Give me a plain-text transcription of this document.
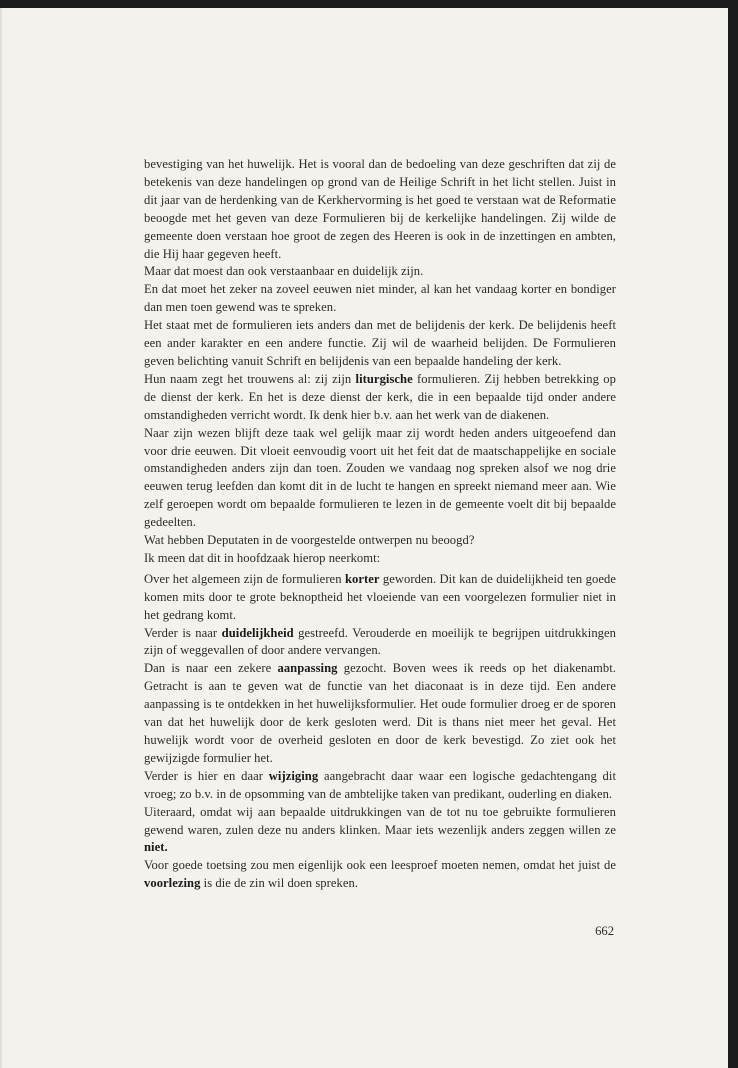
bevestiging van het huwelijk. Het is vooral dan de bedoeling van deze geschriften dat zij de betekenis van deze handelingen op grond van de Heilige Schrift in het licht stellen. Juist in dit jaar van de herdenking van de Kerkhervorming is het goed te verstaan wat de Reformatie beoogde met het geven van deze Formulieren bij de kerkelijke handelingen. Zij wilde de gemeente doen verstaan hoe groot de zegen des Heeren is ook in de inzettingen en ambten, die Hij haar gegeven heeft.

Maar dat moest dan ook verstaanbaar en duidelijk zijn.

En dat moet het zeker na zoveel eeuwen niet minder, al kan het vandaag korter en bondiger dan men toen gewend was te spreken.

Het staat met de formulieren iets anders dan met de belijdenis der kerk. De belijdenis heeft een ander karakter en een andere functie. Zij wil de waarheid belijden. De Formulieren geven belichting vanuit Schrift en belijdenis van een bepaalde handeling der kerk.

Hun naam zegt het trouwens al: zij zijn liturgische formulieren. Zij hebben betrekking op de dienst der kerk. En het is deze dienst der kerk, die in een bepaalde tijd onder andere omstandigheden verricht wordt. Ik denk hier b.v. aan het werk van de diakenen.

Naar zijn wezen blijft deze taak wel gelijk maar zij wordt heden anders uitgeoefend dan voor drie eeuwen. Dit vloeit eenvoudig voort uit het feit dat de maatschappelijke en sociale omstandigheden anders zijn dan toen. Zouden we vandaag nog spreken alsof we nog drie eeuwen terug leefden dan komt dit in de lucht te hangen en spreekt niemand meer aan. Wie zelf geroepen wordt om bepaalde formulieren te lezen in de gemeente voelt dit bij bepaalde gedeelten.

Wat hebben Deputaten in de voorgestelde ontwerpen nu beoogd?

Ik meen dat dit in hoofdzaak hierop neerkomt:

Over het algemeen zijn de formulieren korter geworden. Dit kan de duidelijkheid ten goede komen mits door te grote beknoptheid het vloeiende van een voorgelezen formulier niet in het gedrang komt.

Verder is naar duidelijkheid gestreefd. Verouderde en moeilijk te begrijpen uitdrukkingen zijn of weggevallen of door andere vervangen.

Dan is naar een zekere aanpassing gezocht. Boven wees ik reeds op het diakenambt. Getracht is aan te geven wat de functie van het diaconaat is in deze tijd. Een andere aanpassing is te ontdekken in het huwelijksformulier. Het oude formulier droeg er de sporen van dat het huwelijk door de kerk gesloten werd. Dit is thans niet meer het geval. Het huwelijk wordt voor de overheid gesloten en door de kerk bevestigd. Zo ziet ook het gewijzigde formulier het.

Verder is hier en daar wijziging aangebracht daar waar een logische gedachtengang dit vroeg; zo b.v. in de opsomming van de ambtelijke taken van predikant, ouderling en diaken.

Uiteraard, omdat wij aan bepaalde uitdrukkingen van de tot nu toe gebruikte formulieren gewend waren, zulen deze nu anders klinken. Maar iets wezenlijk anders zeggen willen ze niet.

Voor goede toetsing zou men eigenlijk ook een leesproef moeten nemen, omdat het juist de voorlezing is die de zin wil doen spreken.

662
